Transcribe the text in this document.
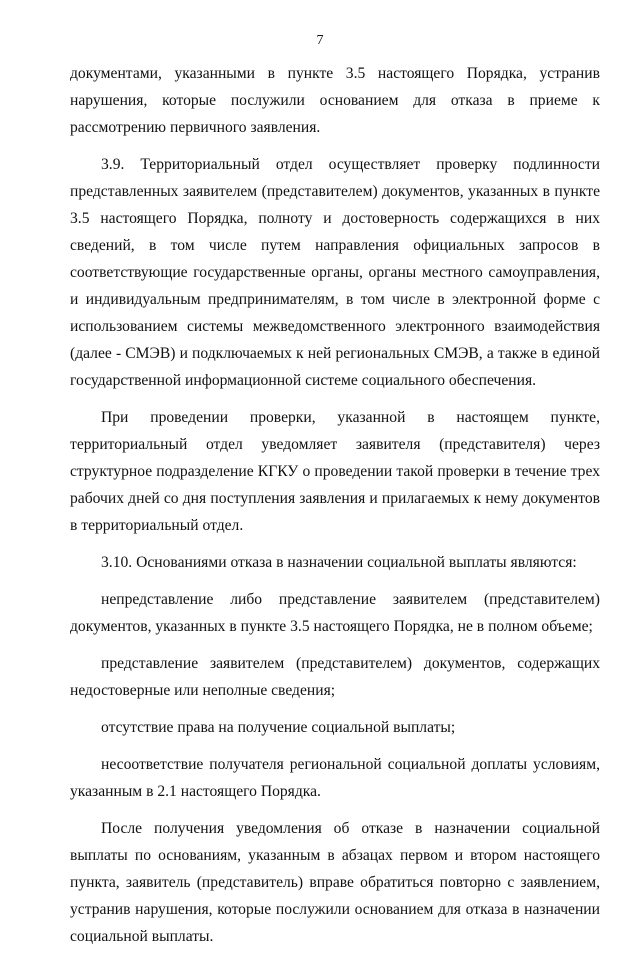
7

документами, указанными в пункте 3.5 настоящего Порядка, устранив нарушения, которые послужили основанием для отказа в приеме к рассмотрению первичного заявления.

3.9. Территориальный отдел осуществляет проверку подлинности представленных заявителем (представителем) документов, указанных в пункте 3.5 настоящего Порядка, полноту и достоверность содержащихся в них сведений, в том числе путем направления официальных запросов в соответствующие государственные органы, органы местного самоуправления, и индивидуальным предпринимателям, в том числе в электронной форме с использованием системы межведомственного электронного взаимодействия (далее - СМЭВ) и подключаемых к ней региональных СМЭВ, а также в единой государственной информационной системе социального обеспечения.

При проведении проверки, указанной в настоящем пункте, территориальный отдел уведомляет заявителя (представителя) через структурное подразделение КГКУ о проведении такой проверки в течение трех рабочих дней со дня поступления заявления и прилагаемых к нему документов в территориальный отдел.

3.10. Основаниями отказа в назначении социальной выплаты являются:

непредставление либо представление заявителем (представителем) документов, указанных в пункте 3.5 настоящего Порядка, не в полном объеме;

представление заявителем (представителем) документов, содержащих недостоверные или неполные сведения;

отсутствие права на получение социальной выплаты;

несоответствие получателя региональной социальной доплаты условиям, указанным в 2.1 настоящего Порядка.

После получения уведомления об отказе в назначении социальной выплаты по основаниям, указанным в абзацах первом и втором настоящего пункта, заявитель (представитель) вправе обратиться повторно с заявлением, устранив нарушения, которые послужили основанием для отказа в назначении социальной выплаты.
